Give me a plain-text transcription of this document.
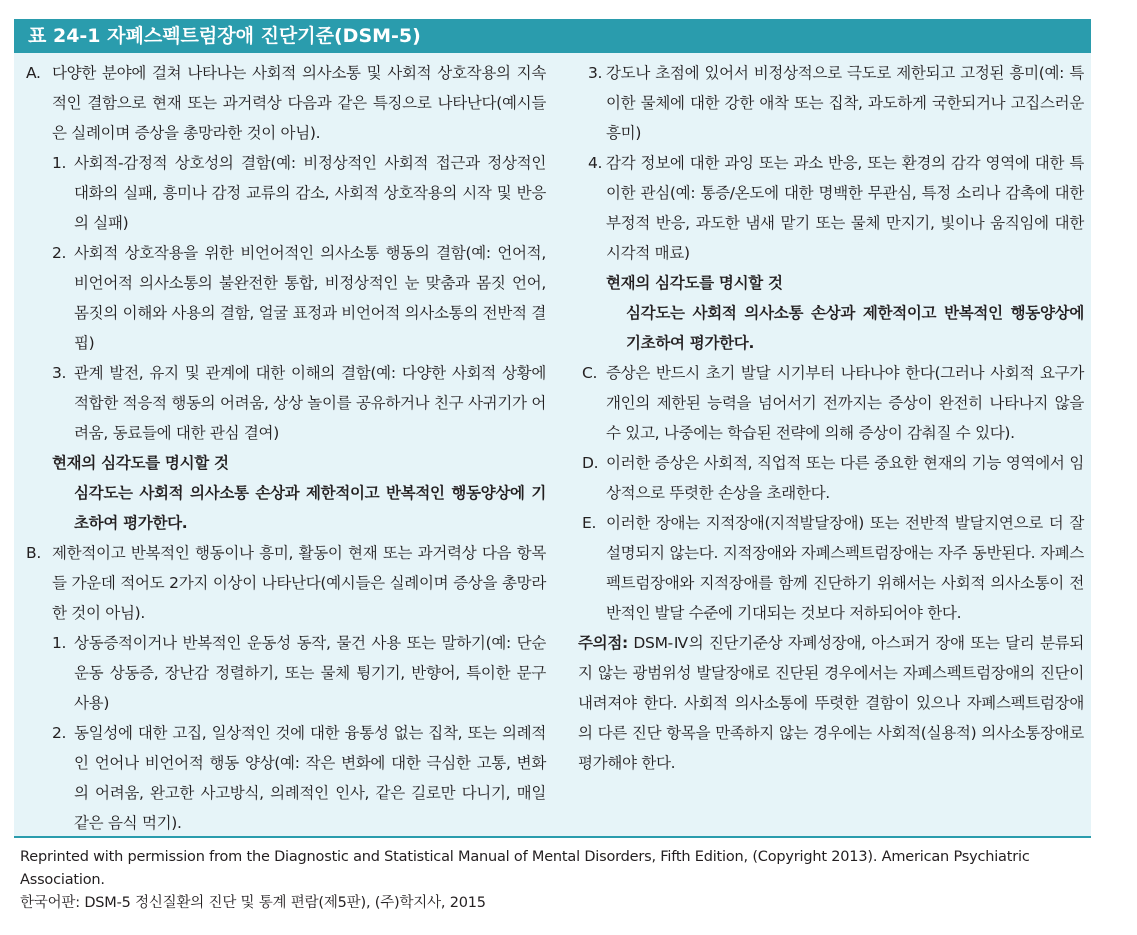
표 24-1 자폐스펙트럼장애 진단기준(DSM-5)
A. 다양한 분야에 걸쳐 나타나는 사회적 의사소통 및 사회적 상호작용의 지속적인 결함으로 현재 또는 과거력상 다음과 같은 특징으로 나타난다(예시들은 실례이며 증상을 총망라한 것이 아님).
1. 사회적-감정적 상호성의 결함(예: 비정상적인 사회적 접근과 정상적인 대화의 실패, 흥미나 감정 교류의 감소, 사회적 상호작용의 시작 및 반응의 실패)
2. 사회적 상호작용을 위한 비언어적인 의사소통 행동의 결함(예: 언어적, 비언어적 의사소통의 불완전한 통합, 비정상적인 눈 맞춤과 몸짓 언어, 몸짓의 이해와 사용의 결함, 얼굴 표정과 비언어적 의사소통의 전반적 결핍)
3. 관계 발전, 유지 및 관계에 대한 이해의 결함(예: 다양한 사회적 상황에 적합한 적응적 행동의 어려움, 상상 놀이를 공유하거나 친구 사귀기가 어려움, 동료들에 대한 관심 결여)
현재의 심각도를 명시할 것
심각도는 사회적 의사소통 손상과 제한적이고 반복적인 행동양상에 기초하여 평가한다.
B. 제한적이고 반복적인 행동이나 흥미, 활동이 현재 또는 과거력상 다음 항목들 가운데 적어도 2가지 이상이 나타난다(예시들은 실례이며 증상을 총망라한 것이 아님).
1. 상동증적이거나 반복적인 운동성 동작, 물건 사용 또는 말하기(예: 단순 운동 상동증, 장난감 정렬하기, 또는 물체 튕기기, 반향어, 특이한 문구 사용)
2. 동일성에 대한 고집, 일상적인 것에 대한 융통성 없는 집착, 또는 의례적인 언어나 비언어적 행동 양상(예: 작은 변화에 대한 극심한 고통, 변화의 어려움, 완고한 사고방식, 의례적인 인사, 같은 길로만 다니기, 매일 같은 음식 먹기).
3. 강도나 초점에 있어서 비정상적으로 극도로 제한되고 고정된 흥미(예: 특이한 물체에 대한 강한 애착 또는 집착, 과도하게 국한되거나 고집스러운 흥미)
4. 감각 정보에 대한 과잉 또는 과소 반응, 또는 환경의 감각 영역에 대한 특이한 관심(예: 통증/온도에 대한 명백한 무관심, 특정 소리나 감촉에 대한 부정적 반응, 과도한 냄새 맡기 또는 물체 만지기, 빛이나 움직임에 대한 시각적 매료)
현재의 심각도를 명시할 것
심각도는 사회적 의사소통 손상과 제한적이고 반복적인 행동양상에 기초하여 평가한다.
C. 증상은 반드시 초기 발달 시기부터 나타나야 한다(그러나 사회적 요구가 개인의 제한된 능력을 넘어서기 전까지는 증상이 완전히 나타나지 않을 수 있고, 나중에는 학습된 전략에 의해 증상이 감춰질 수 있다).
D. 이러한 증상은 사회적, 직업적 또는 다른 중요한 현재의 기능 영역에서 임상적으로 뚜렷한 손상을 초래한다.
E. 이러한 장애는 지적장애(지적발달장애) 또는 전반적 발달지연으로 더 잘 설명되지 않는다. 지적장애와 자폐스펙트럼장애는 자주 동반된다. 자폐스펙트럼장애와 지적장애를 함께 진단하기 위해서는 사회적 의사소통이 전반적인 발달 수준에 기대되는 것보다 저하되어야 한다.
주의점: DSM-Ⅳ의 진단기준상 자폐성장애, 아스퍼거 장애 또는 달리 분류되지 않는 광범위성 발달장애로 진단된 경우에서는 자폐스펙트럼장애의 진단이 내려져야 한다. 사회적 의사소통에 뚜렷한 결함이 있으나 자폐스펙트럼장애의 다른 진단 항목을 만족하지 않는 경우에는 사회적(실용적) 의사소통장애로 평가해야 한다.
Reprinted with permission from the Diagnostic and Statistical Manual of Mental Disorders, Fifth Edition, (Copyright 2013). American Psychiatric Association.
한국어판: DSM-5 정신질환의 진단 및 통계 편람(제5판), (주)학지사, 2015
